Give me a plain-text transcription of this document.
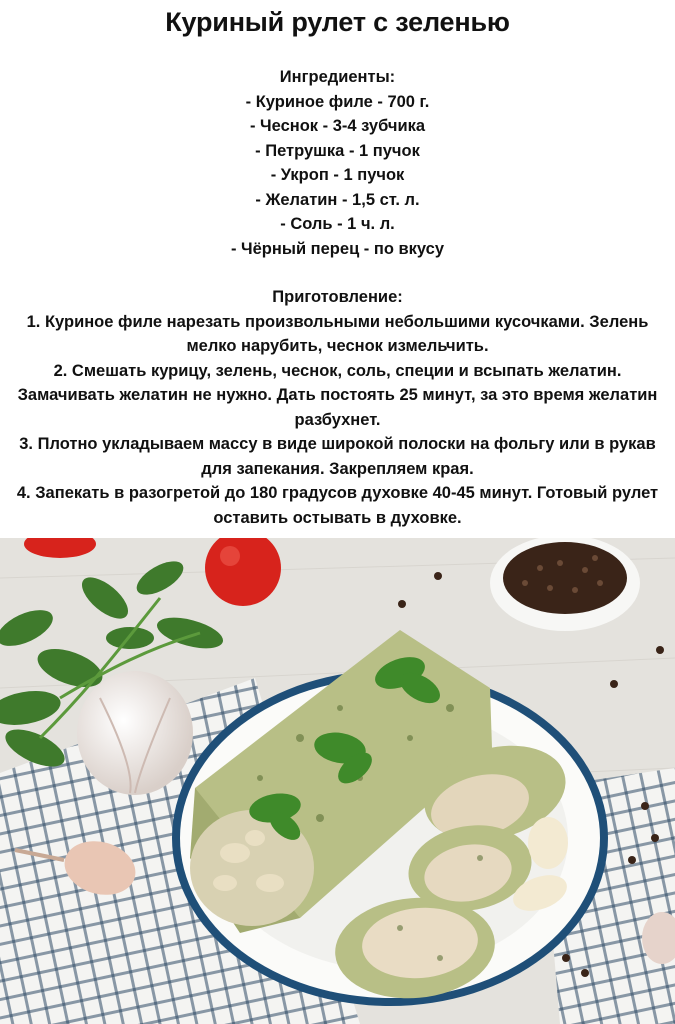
Куриный рулет с зеленью
Ингредиенты:
- Куриное филе - 700 г.
- Чеснок - 3-4 зубчика
- Петрушка - 1 пучок
- Укроп - 1 пучок
- Желатин - 1,5 ст. л.
- Соль - 1 ч. л.
- Чёрный перец - по вкусу
Приготовление:
1. Куриное филе нарезать произвольными небольшими кусочками. Зелень мелко нарубить, чеснок измельчить.
2. Смешать курицу, зелень, чеснок, соль, специи и всыпать желатин. Замачивать желатин не нужно. Дать постоять 25 минут, за это время желатин разбухнет.
3. Плотно укладываем массу в виде широкой полоски на фольгу или в рукав для запекания. Закрепляем края.
4. Запекать в разогретой до 180 градусов духовке 40-45 минут. Готовый рулет оставить остывать в духовке.
